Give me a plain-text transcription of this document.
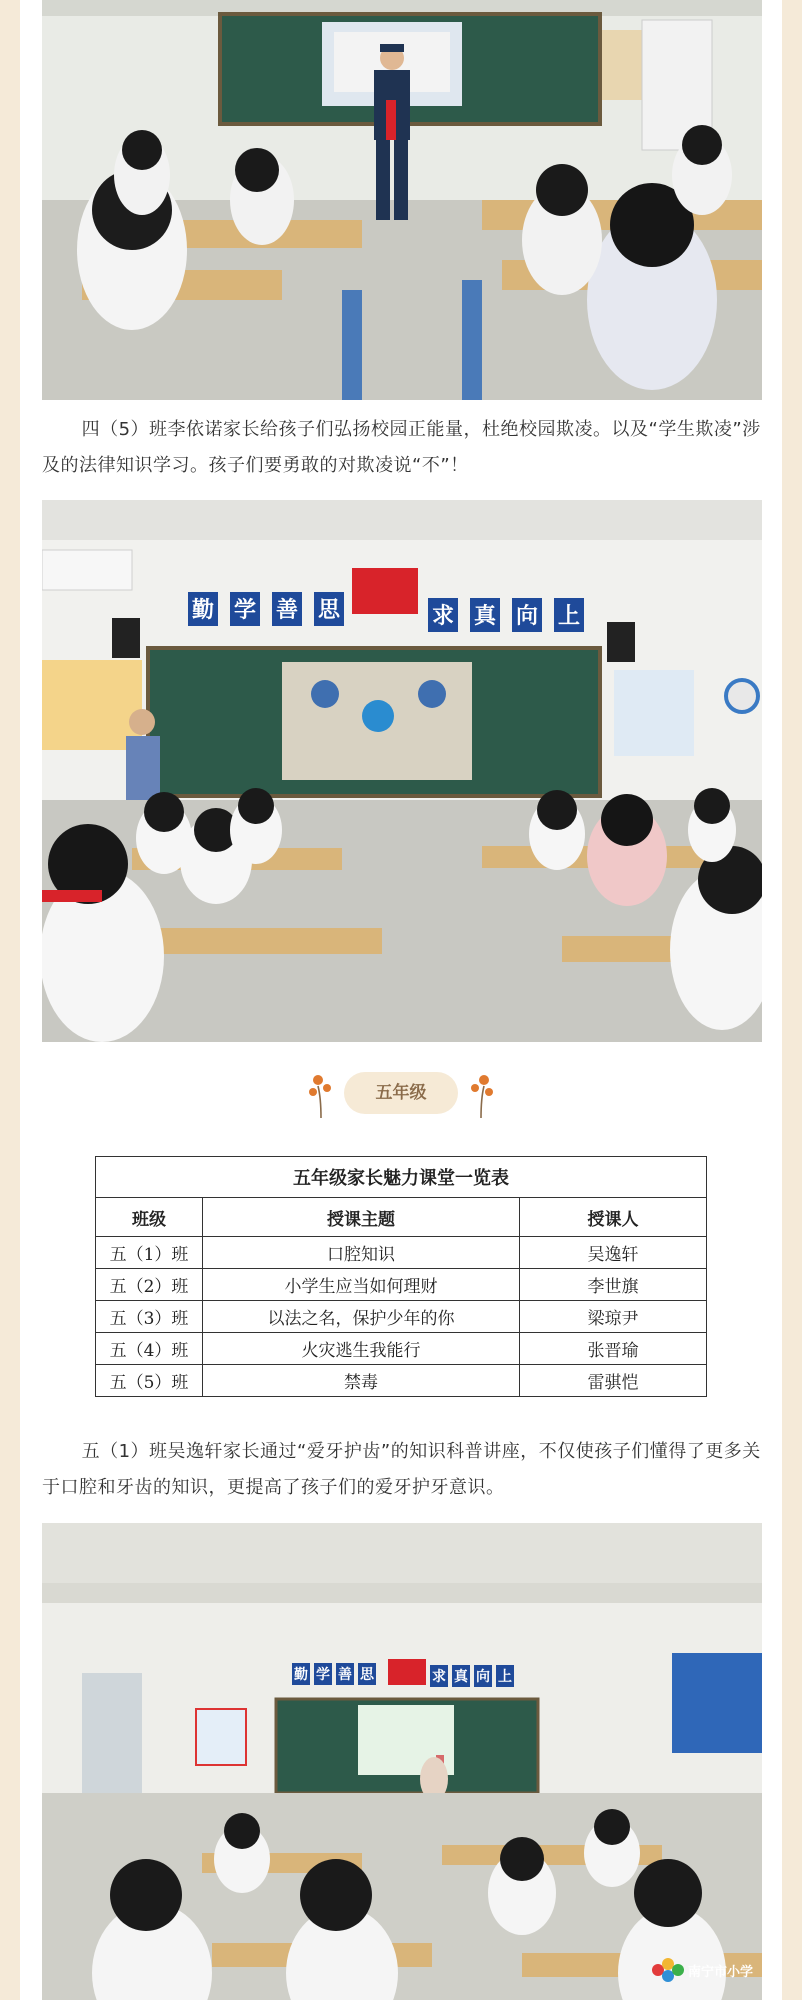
四（5）班李依诺家长给孩子们弘扬校园正能量，杜绝校园欺凌。以及“学生欺凌”涉及的法律知识学习。孩子们要勇敢的对欺凌说“不”！

勤 学 善 思	求 真 向 上
五年级
五年级家长魅力课堂一览表		
班级	授课主题	授课人
五（1）班	口腔知识	吴逸轩
五（2）班	小学生应当如何理财	李世旗
五（3）班	以法之名，保护少年的你	梁琼尹
五（4）班	火灾逃生我能行	张晋瑜
五（5）班	禁毒	雷骐恺

五（1）班吴逸轩家长通过“爱牙护齿”的知识科普讲座，不仅使孩子们懂得了更多关于口腔和牙齿的知识，更提高了孩子们的爱牙护牙意识。

勤 学 善 思	求 真 向 上
南宁市小学
